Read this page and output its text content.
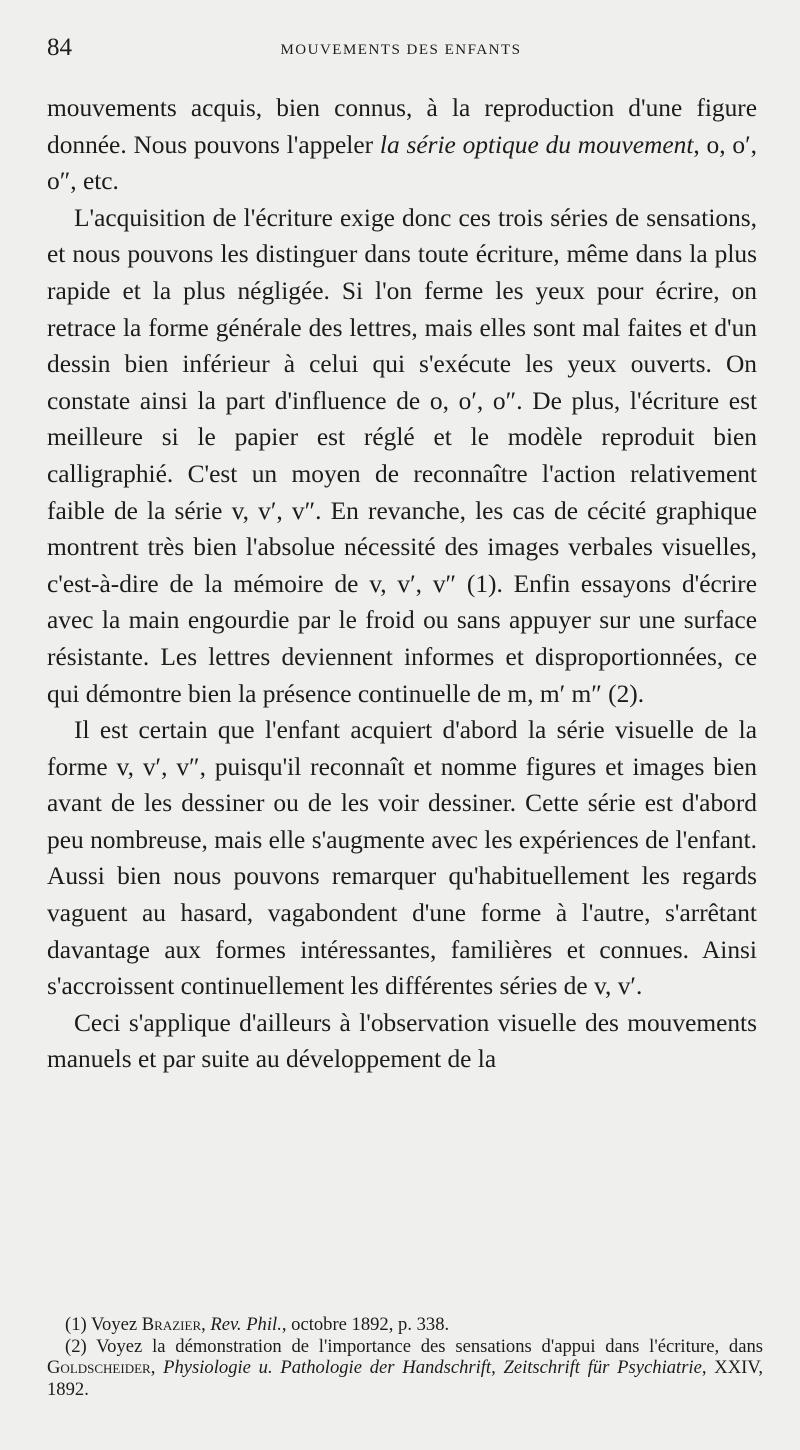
84	MOUVEMENTS DES ENFANTS

mouvements acquis, bien connus, à la reproduction d'une figure donnée. Nous pouvons l'appeler la série optique du mouvement, o, o′, o″, etc.

L'acquisition de l'écriture exige donc ces trois séries de sensations, et nous pouvons les distinguer dans toute écriture, même dans la plus rapide et la plus négligée. Si l'on ferme les yeux pour écrire, on retrace la forme générale des lettres, mais elles sont mal faites et d'un dessin bien inférieur à celui qui s'exécute les yeux ouverts. On constate ainsi la part d'influence de o, o′, o″. De plus, l'écriture est meilleure si le papier est réglé et le modèle reproduit bien calligraphié. C'est un moyen de reconnaître l'action relativement faible de la série v, v′, v″. En revanche, les cas de cécité graphique montrent très bien l'absolue nécessité des images verbales visuelles, c'est-à-dire de la mémoire de v, v′, v″ (1). Enfin essayons d'écrire avec la main engourdie par le froid ou sans appuyer sur une surface résistante. Les lettres deviennent informes et disproportionnées, ce qui démontre bien la présence continuelle de m, m′ m″ (2).

Il est certain que l'enfant acquiert d'abord la série visuelle de la forme v, v′, v″, puisqu'il reconnaît et nomme figures et images bien avant de les dessiner ou de les voir dessiner. Cette série est d'abord peu nombreuse, mais elle s'augmente avec les expériences de l'enfant. Aussi bien nous pouvons remarquer qu'habituellement les regards vaguent au hasard, vagabondent d'une forme à l'autre, s'arrêtant davantage aux formes intéressantes, familières et connues. Ainsi s'accroissent continuellement les différentes séries de v, v′.

Ceci s'applique d'ailleurs à l'observation visuelle des mouvements manuels et par suite au développement de la

(1) Voyez Brazier, Rev. Phil., octobre 1892, p. 338.

(2) Voyez la démonstration de l'importance des sensations d'appui dans l'écriture, dans Goldscheider, Physiologie u. Pathologie der Handschrift, Zeitschrift für Psychiatrie, XXIV, 1892.
